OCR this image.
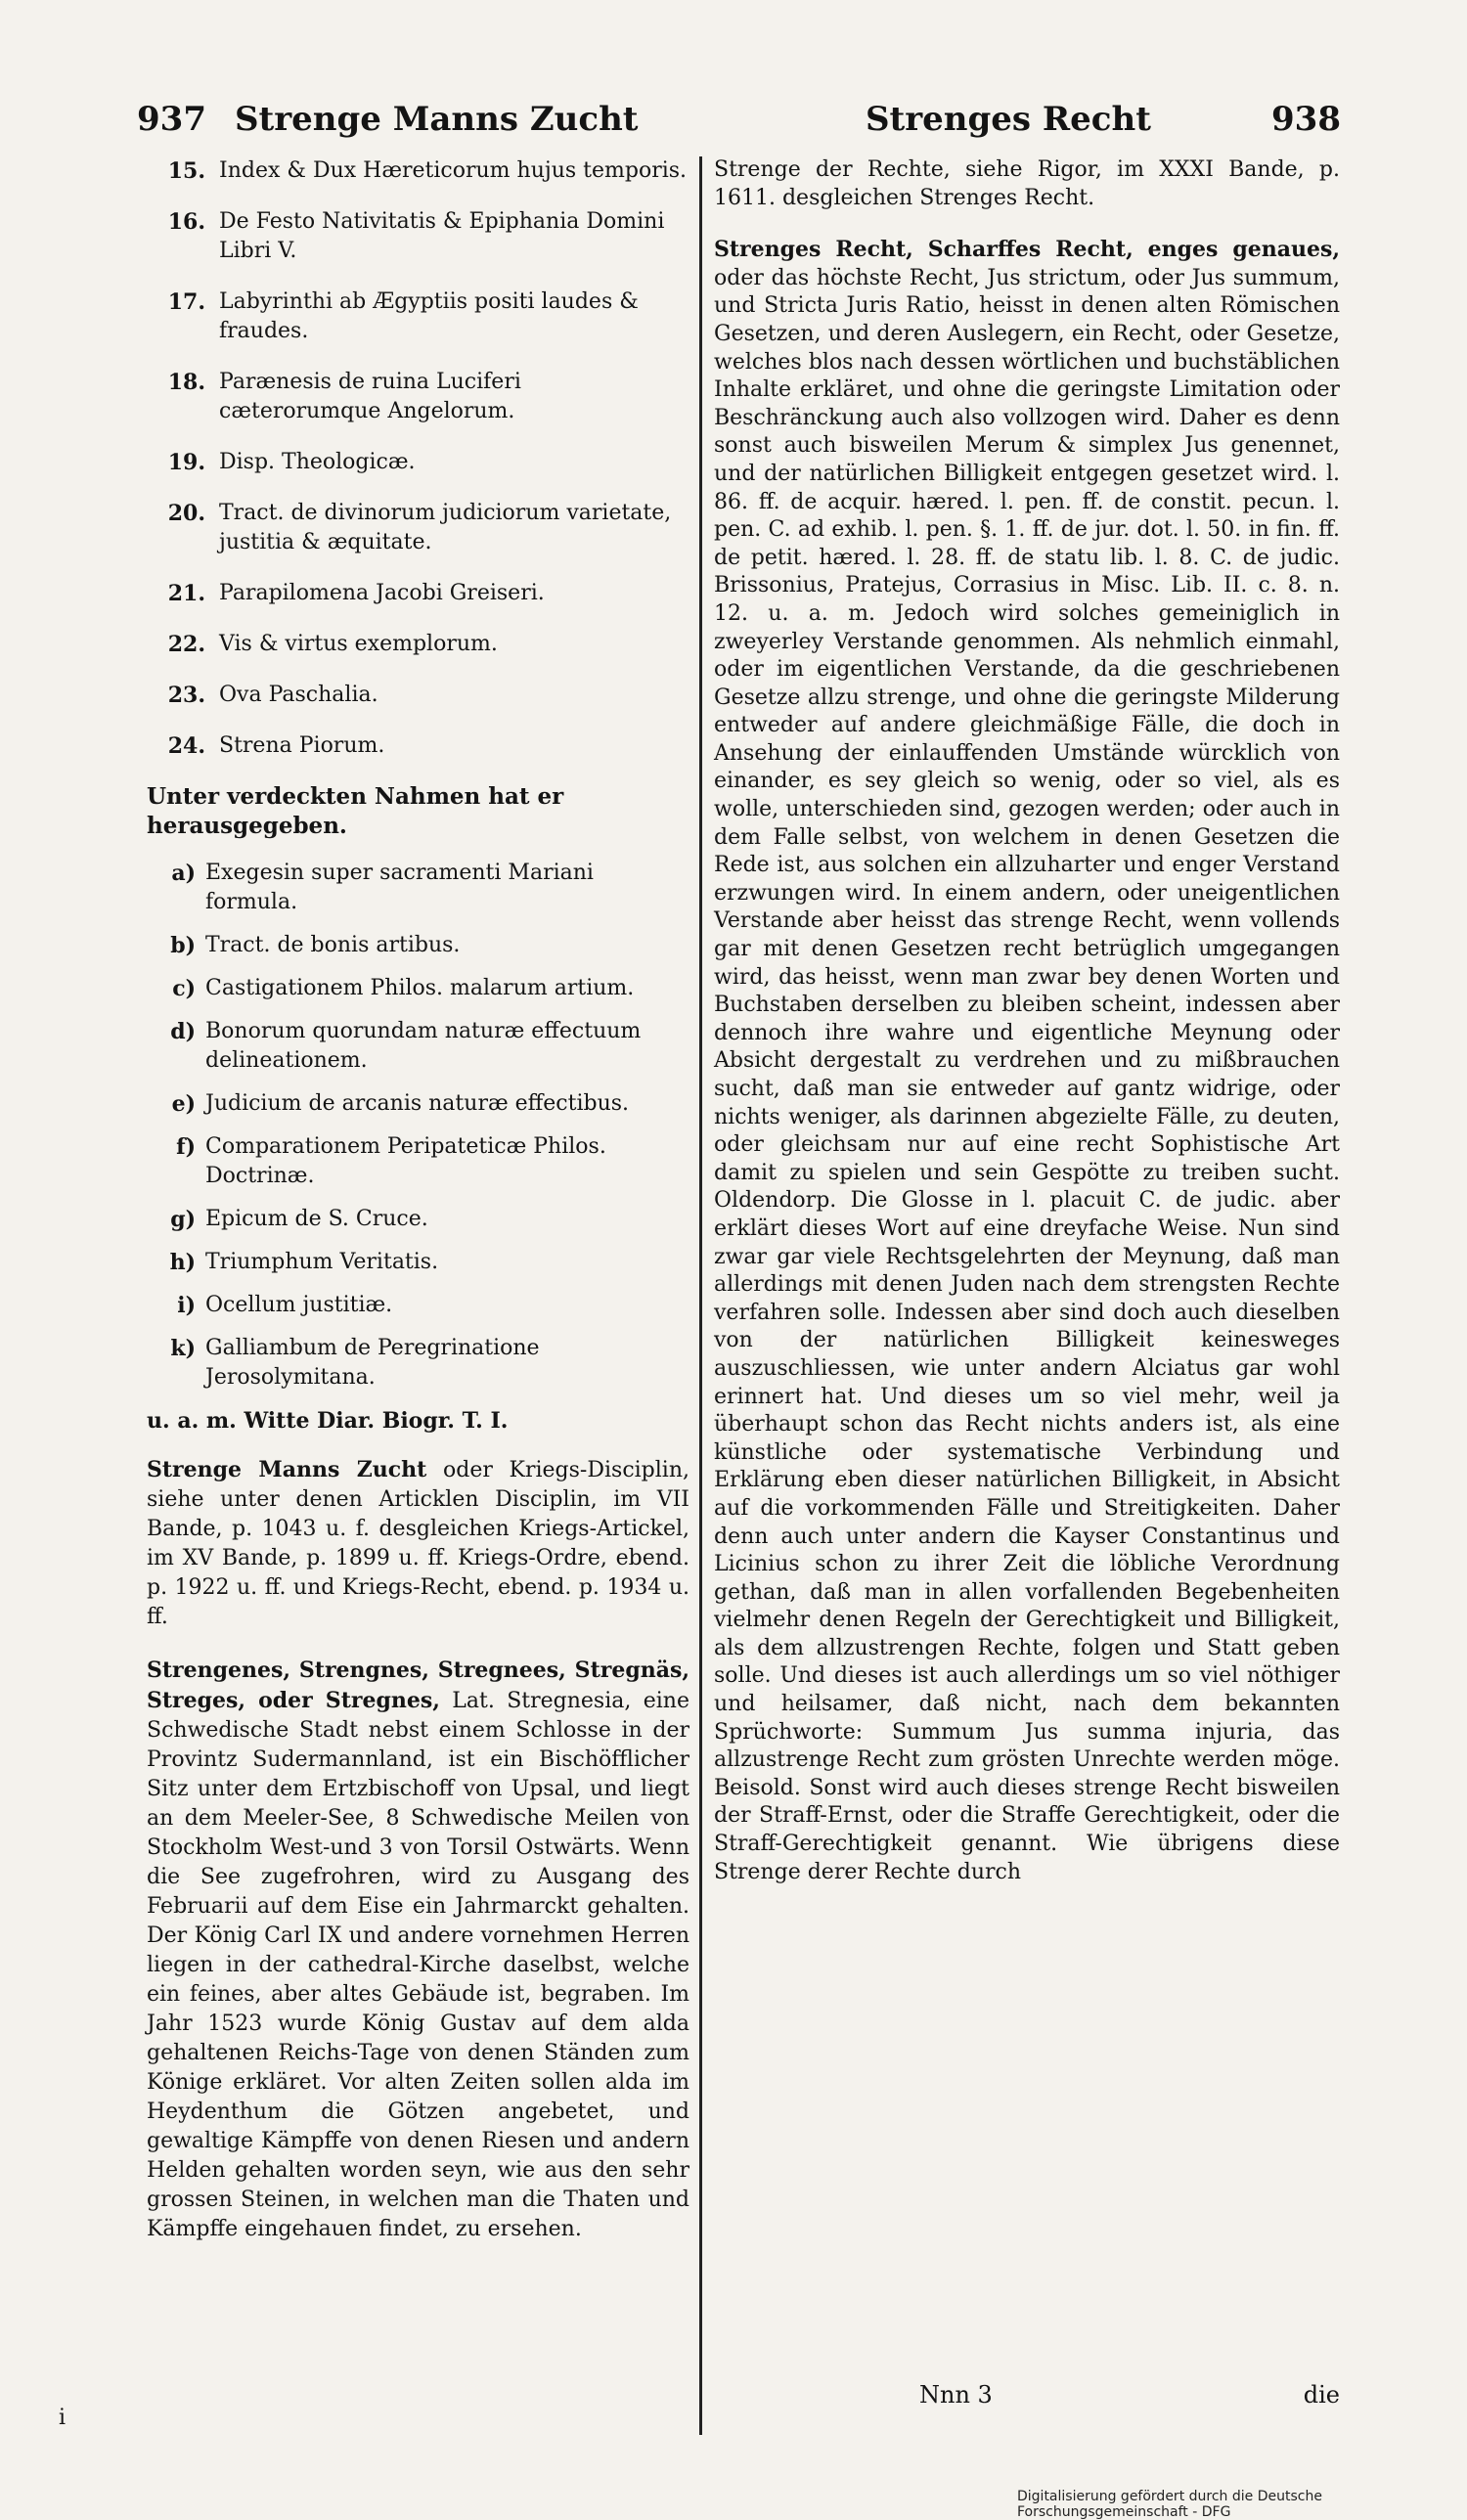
937 Strenge Manns Zucht	Strenges Recht	938
15. Index & Dux Hæreticorum hujus temporis.
16. De Festo Nativitatis & Epiphania Domini Libri V.
17. Labyrinthi ab Ægyptiis positi laudes & fraudes.
18. Parænesis de ruina Luciferi cæterorumque Angelorum.
19. Disp. Theologicæ.
20. Tract. de divinorum judiciorum varietate, justitia & æquitate.
21. Parapilomena Jacobi Greiseri.
22. Vis & virtus exemplorum.
23. Ova Paschalia.
24. Strena Piorum.
Unter verdeckten Nahmen hat er herausgegeben.
a) Exegesin super sacramenti Mariani formula.
b) Tract. de bonis artibus.
c) Castigationem Philos. malarum artium.
d) Bonorum quorundam naturæ effectuum delineationem.
e) Judicium de arcanis naturæ effectibus.
f) Comparationem Peripateticæ Philos. Doctrinæ.
g) Epicum de S. Cruce.
h) Triumphum Veritatis.
i) Ocellum justitiæ.
k) Galliambum de Peregrinatione Jerosolymitana.
u. a. m. Witte Diar. Biogr. T. I.
Strenge Manns Zucht oder Kriegs-Disciplin, siehe unter denen Articklen Disciplin, im VII Bande, p. 1043 u. f. desgleichen Kriegs-Artickel, im XV Bande, p. 1899 u. ff. Kriegs-Ordre, ebend. p. 1922 u. ff. und Kriegs-Recht, ebend. p. 1934 u. ff.
Strengenes, Strengnes, Stregnees, Stregnäs, Streges, oder Stregnes, Lat. Stregnesia, eine Schwedische Stadt nebst einem Schlosse in der Provintz Sudermannland, ist ein Bischöfflicher Sitz unter dem Ertzbischoff von Upsal, und liegt an dem Meeler-See, 8 Schwedische Meilen von Stockholm West-und 3 von Torsil Ostwärts. Wenn die See zugefrohren, wird zu Ausgang des Februarii auf dem Eise ein Jahrmarckt gehalten. Der König Carl IX und andere vornehmen Herren liegen in der cathedral-Kirche daselbst, welche ein feines, aber altes Gebäude ist, begraben. Im Jahr 1523 wurde König Gustav auf dem alda gehaltenen Reichs-Tage von denen Ständen zum Könige erkläret. Vor alten Zeiten sollen alda im Heydenthum die Götzen angebetet, und gewaltige Kämpffe von denen Riesen und andern Helden gehalten worden seyn, wie aus den sehr grossen Steinen, in welchen man die Thaten und Kämpffe eingehauen findet, zu ersehen.
Strenge der Rechte, siehe Rigor, im XXXI Bande, p. 1611. desgleichen Strenges Recht.
Strenges Recht, Scharffes Recht, enges genaues, oder das höchste Recht, Jus strictum, oder Jus summum, und Stricta Juris Ratio, heisst in denen alten Römischen Gesetzen, und deren Auslegern, ein Recht, oder Gesetze, welches blos nach dessen wörtlichen und buchstäblichen Inhalte erkläret, und ohne die geringste Limitation oder Beschränckung auch also vollzogen wird. Daher es denn sonst auch bisweilen Merum & simplex Jus genennet, und der natürlichen Billigkeit entgegen gesetzet wird. l. 86. ff. de acquir. hæred. l. pen. ff. de constit. pecun. l. pen. C. ad exhib. l. pen. §. 1. ff. de jur. dot. l. 50. in fin. ff. de petit. hæred. l. 28. ff. de statu lib. l. 8. C. de judic. Brissonius, Pratejus, Corrasius in Misc. Lib. II. c. 8. n. 12. u. a. m. Jedoch wird solches gemeiniglich in zweyerley Verstande genommen. Als nehmlich einmahl, oder im eigentlichen Verstande, da die geschriebenen Gesetze allzu strenge, und ohne die geringste Milderung entweder auf andere gleichmäßige Fälle, die doch in Ansehung der einlauffenden Umstände würcklich von einander, es sey gleich so wenig, oder so viel, als es wolle, unterschieden sind, gezogen werden; oder auch in dem Falle selbst, von welchem in denen Gesetzen die Rede ist, aus solchen ein allzuharter und enger Verstand erzwungen wird. In einem andern, oder uneigentlichen Verstande aber heisst das strenge Recht, wenn vollends gar mit denen Gesetzen recht betrüglich umgegangen wird, das heisst, wenn man zwar bey denen Worten und Buchstaben derselben zu bleiben scheint, indessen aber dennoch ihre wahre und eigentliche Meynung oder Absicht dergestalt zu verdrehen und zu mißbrauchen sucht, daß man sie entweder auf gantz widrige, oder nichts weniger, als darinnen abgezielte Fälle, zu deuten, oder gleichsam nur auf eine recht Sophistische Art damit zu spielen und sein Gespötte zu treiben sucht. Oldendorp. Die Glosse in l. placuit C. de judic. aber erklärt dieses Wort auf eine dreyfache Weise. Nun sind zwar gar viele Rechtsgelehrten der Meynung, daß man allerdings mit denen Juden nach dem strengsten Rechte verfahren solle. Indessen aber sind doch auch dieselben von der natürlichen Billigkeit keinesweges auszuschliessen, wie unter andern Alciatus gar wohl erinnert hat. Und dieses um so viel mehr, weil ja überhaupt schon das Recht nichts anders ist, als eine künstliche oder systematische Verbindung und Erklärung eben dieser natürlichen Billigkeit, in Absicht auf die vorkommenden Fälle und Streitigkeiten. Daher denn auch unter andern die Kayser Constantinus und Licinius schon zu ihrer Zeit die löbliche Verordnung gethan, daß man in allen vorfallenden Begebenheiten vielmehr denen Regeln der Gerechtigkeit und Billigkeit, als dem allzustrengen Rechte, folgen und Statt geben solle. Und dieses ist auch allerdings um so viel nöthiger und heilsamer, daß nicht, nach dem bekannten Sprüchworte: Summum Jus summa injuria, das allzustrenge Recht zum grösten Unrechte werden möge. Beisold. Sonst wird auch dieses strenge Recht bisweilen der Straff-Ernst, oder die Straffe Gerechtigkeit, oder die Straff-Gerechtigkeit genannt. Wie übrigens diese Strenge derer Rechte durch
Nnn 3	die
i
Digitalisierung gefördert durch die Deutsche Forschungsgemeinschaft - DFG
